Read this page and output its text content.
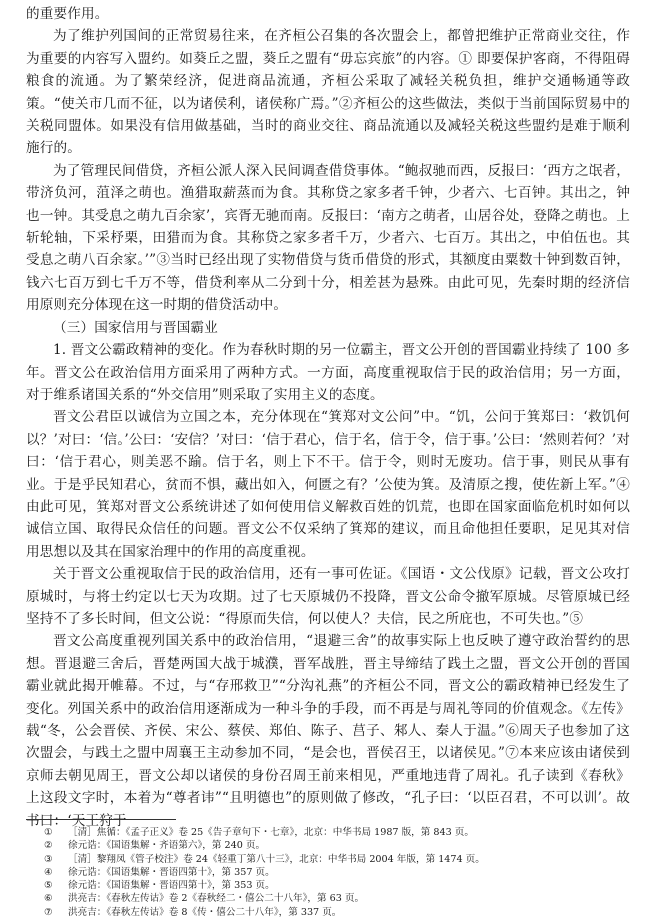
的重要作用。

为了维护列国间的正常贸易往来，在齐桓公召集的各次盟会上，都曾把维护正常商业交往，作为重要的内容写入盟约。如葵丘之盟，葵丘之盟有“毋忘宾旅”的内容。① 即要保护客商，不得阻碍粮食的流通。为了繁荣经济，促进商品流通，齐桓公采取了减轻关税负担，维护交通畅通等政策。“使关市几而不征，以为诸侯利，诸侯称广焉。”②齐桓公的这些做法，类似于当前国际贸易中的关税同盟体。如果没有信用做基础，当时的商业交往、商品流通以及减轻关税这些盟约是难于顺利施行的。

为了管理民间借贷，齐桓公派人深入民间调查借贷事体。“鲍叔驰而西，反报曰：‘西方之氓者，带济负河，菹泽之萌也。渔猎取薪蒸而为食。其称贷之家多者千钟，少者六、七百钟。其出之，钟也一钟。其受息之萌九百余家’，宾胥无驰而南。反报曰：‘南方之萌者，山居谷处，登降之萌也。上斩轮轴，下采杼栗，田猎而为食。其称贷之家多者千万，少者六、七百万。其出之，中伯伍也。其受息之萌八百余家。’”③当时已经出现了实物借贷与货币借贷的形式，其额度由粟数十钟到数百钟，钱六七百万到七千万不等，借贷利率从二分到十分，相差甚为悬殊。由此可见，先秦时期的经济信用原则充分体现在这一时期的借贷活动中。

（三）国家信用与晋国霸业

1. 晋文公霸政精神的变化。作为春秋时期的另一位霸主，晋文公开创的晋国霸业持续了 100 多年。晋文公在政治信用方面采用了两种方式。一方面，高度重视取信于民的政治信用；另一方面，对于维系诸国关系的“外交信用”则采取了实用主义的态度。

晋文公君臣以诚信为立国之本，充分体现在“箕郑对文公问”中。“饥，公问于箕郑曰：‘救饥何以？’对曰：‘信。’公曰：‘安信？’对曰：‘信于君心，信于名，信于令，信于事。’公曰：‘然则若何？’对曰：‘信于君心，则美恶不踰。信于名，则上下不干。信于令，则时无废功。信于事，则民从事有业。于是乎民知君心，贫而不惧，藏出如入，何匮之有？’公使为箕。及清原之搜，使佐新上军。”④由此可见，箕郑对晋文公系统讲述了如何使用信义解救百姓的饥荒，也即在国家面临危机时如何以诚信立国、取得民众信任的问题。晋文公不仅采纳了箕郑的建议，而且命他担任要职，足见其对信用思想以及其在国家治理中的作用的高度重视。

关于晋文公重视取信于民的政治信用，还有一事可佐证。《国语・文公伐原》记载，晋文公攻打原城时，与将士约定以七天为攻期。过了七天原城仍不投降，晋文公命令撤军原城。尽管原城已经坚持不了多长时间，但文公说：“得原而失信，何以使人？夫信，民之所庇也，不可失也。”⑤

晋文公高度重视列国关系中的政治信用，“退避三舍”的故事实际上也反映了遵守政治誓约的思想。晋退避三舍后，晋楚两国大战于城濮，晋军战胜，晋主导缔结了践土之盟，晋文公开创的晋国霸业就此揭开帷幕。不过，与“存邢救卫”“分沟礼燕”的齐桓公不同，晋文公的霸政精神已经发生了变化。列国关系中的政治信用逐渐成为一种斗争的手段，而不再是与周礼等同的价值观念。《左传》载“冬，公会晋侯、齐侯、宋公、蔡侯、郑伯、陈子、莒子、邾人、秦人于温。”⑥周天子也参加了这次盟会，与践土之盟中周襄王主动参加不同，“是会也，晋侯召王，以诸侯见。”⑦本来应该由诸侯到京师去朝见周王，晋文公却以诸侯的身份召周王前来相见，严重地违背了周礼。孔子读到《春秋》上这段文字时，本着为“尊者讳”“且明德也”的原则做了修改，“孔子曰：‘以臣召君，不可以训’。故书曰：‘天王狩于

①	［清］焦循：《孟子正义》卷 25《告子章句下・七章》，北京：中华书局 1987 版，第 843 页。
②	徐元诰：《国语集解・齐语第六》，第 240 页。
③	［清］黎翔凤《管子校注》卷 24《轻重丁第八十三》，北京：中华书局 2004 年版，第 1474 页。
④	徐元诰：《国语集解・晋语四第十》，第 357 页。
⑤	徐元诰：《国语集解・晋语四第十》，第 353 页。
⑥	洪亮吉：《春秋左传诂》卷 2《春秋经二・僖公二十八年》，第 63 页。
⑦	洪亮吉：《春秋左传诂》卷 8《传・僖公二十八年》，第 337 页。
